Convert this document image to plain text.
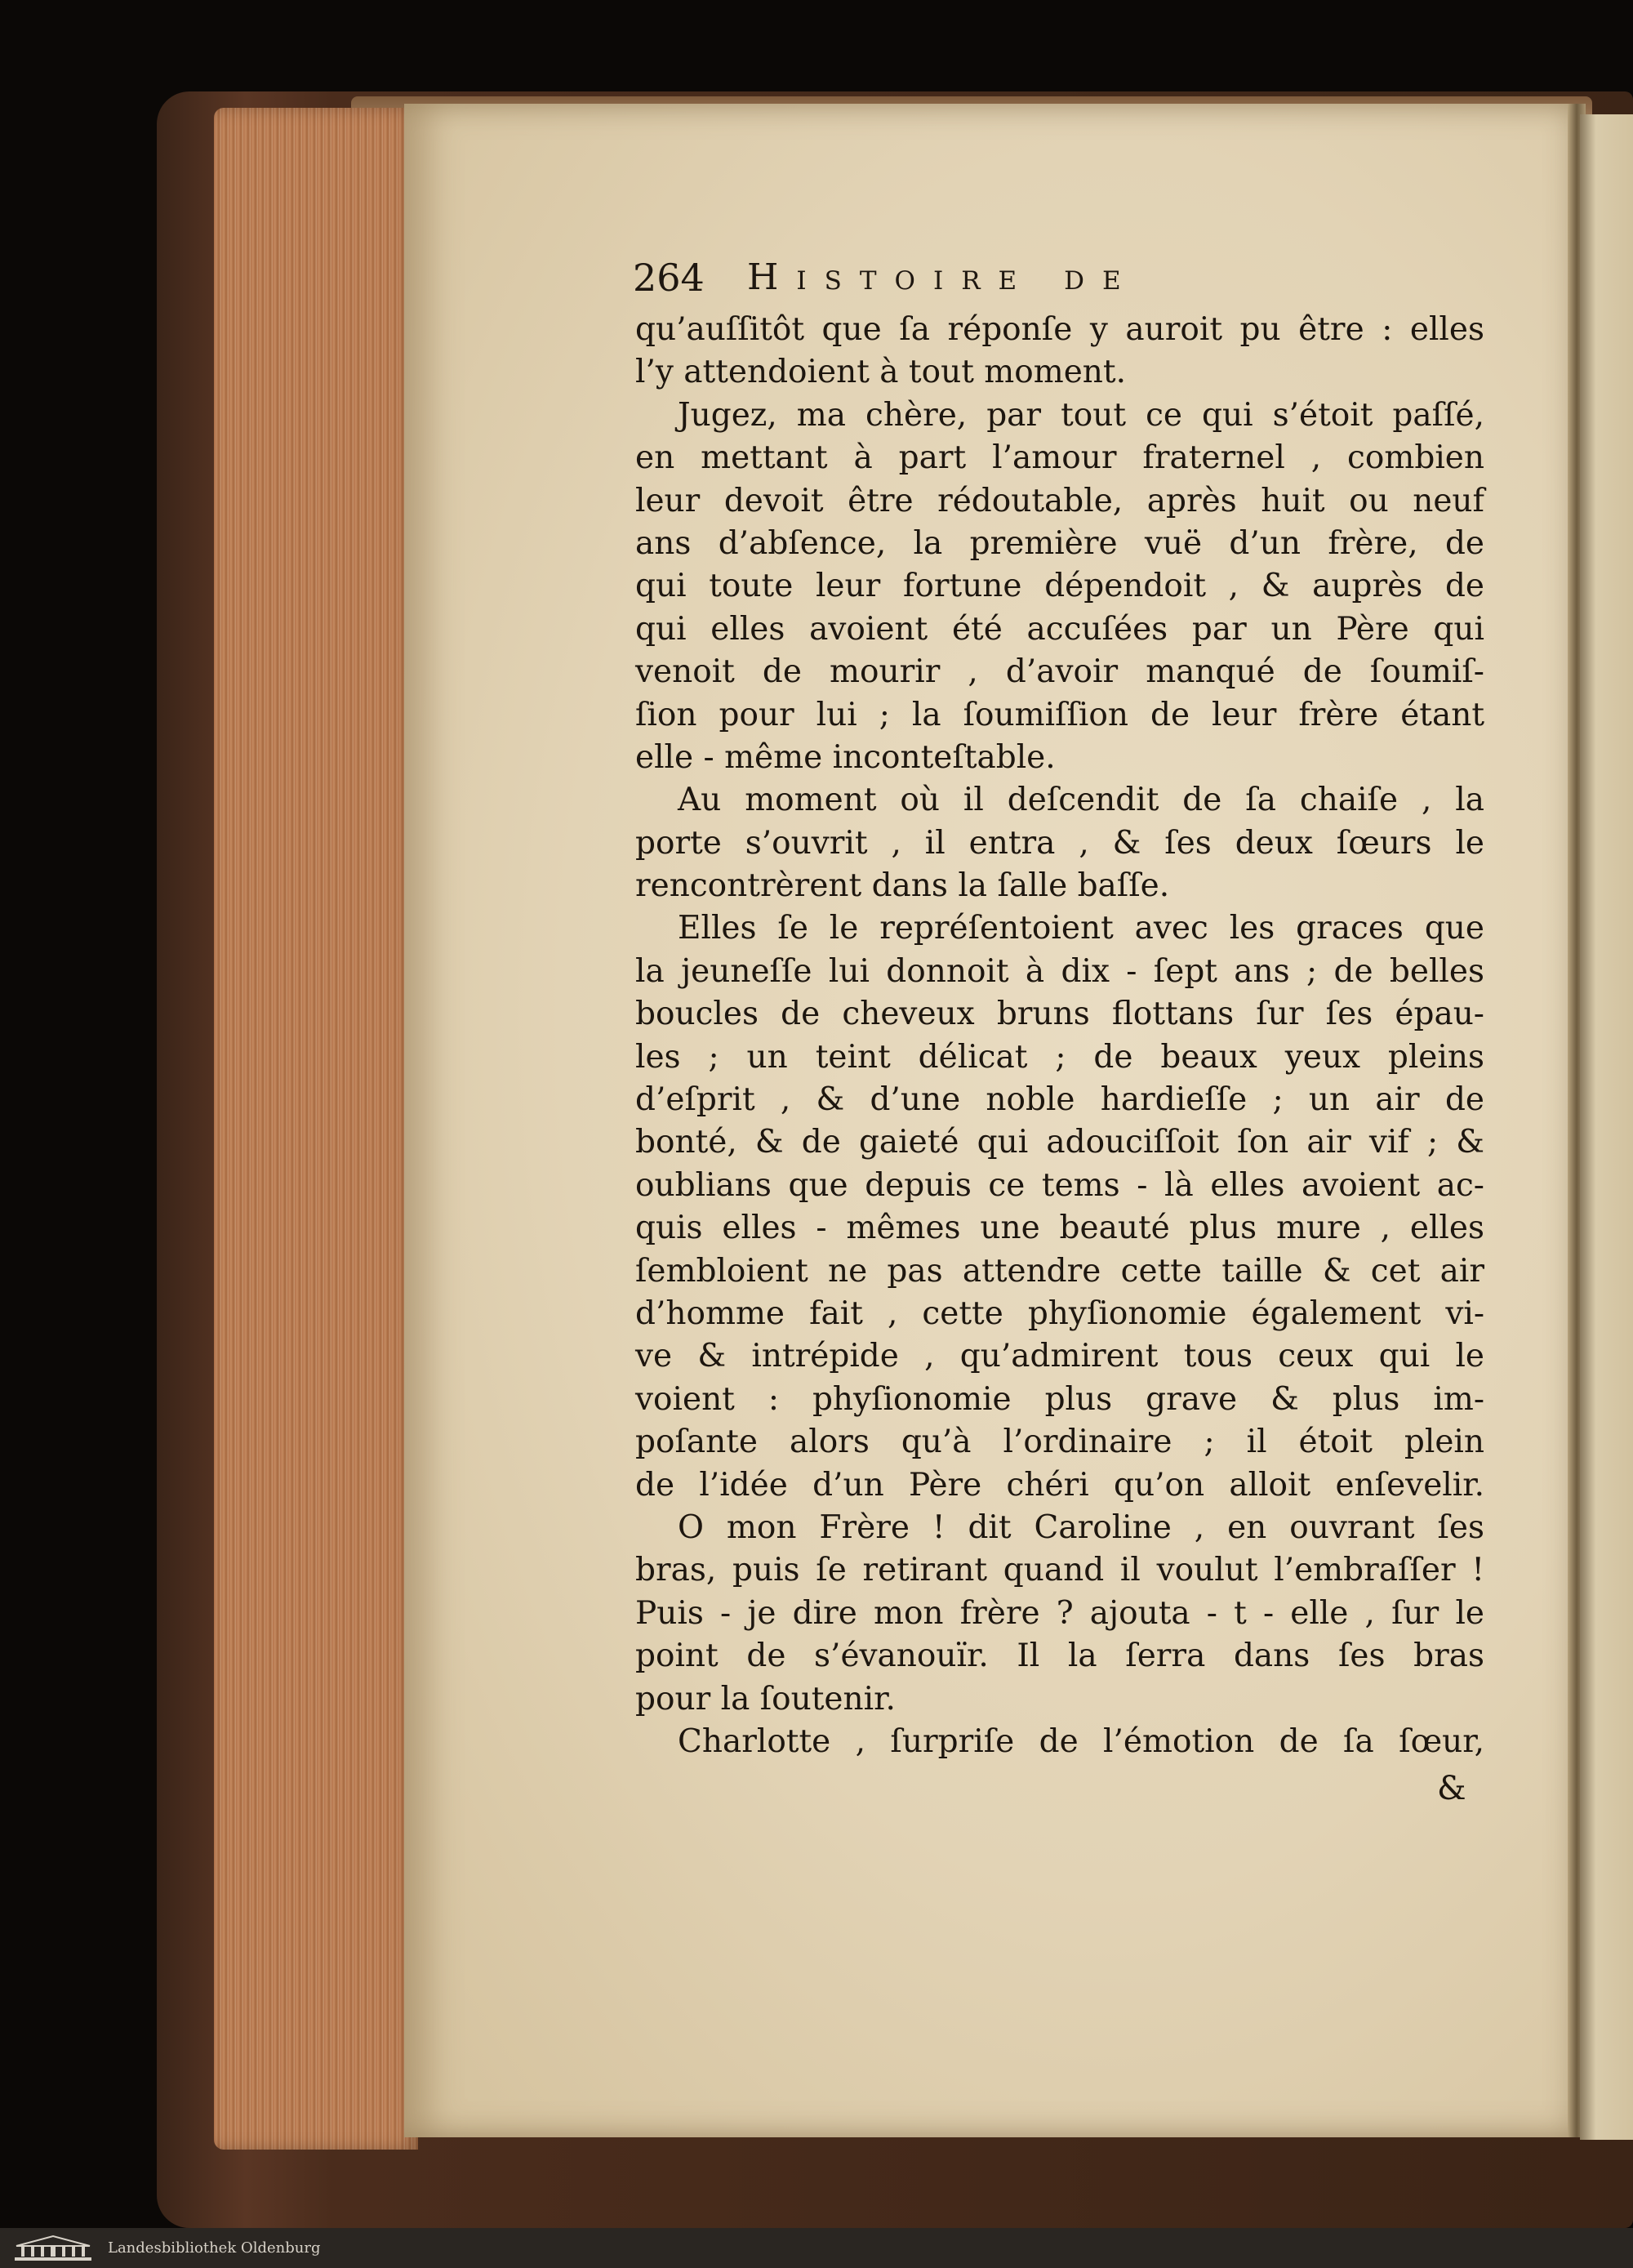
264 Histoire de
qu’auſſitôt que ſa réponſe y auroit pu être : elles
l’y attendoient à tout moment.
Jugez, ma chère, par tout ce qui s’étoit paſſé,
en mettant à part l’amour fraternel , combien
leur devoit être rédoutable, après huit ou neuf
ans d’abſence, la première vuë d’un frère, de
qui toute leur fortune dépendoit , & auprès de
qui elles avoient été accuſées par un Père qui
venoit de mourir , d’avoir manqué de ſoumiſ-
ſion pour lui ; la ſoumiſſion de leur frère étant
elle - même inconteſtable.
Au moment où il deſcendit de ſa chaiſe , la
porte s’ouvrit , il entra , & ſes deux ſœurs le
rencontrèrent dans la ſalle baſſe.
Elles ſe le repréſentoient avec les graces que
la jeuneſſe lui donnoit à dix - ſept ans ; de belles
boucles de cheveux bruns flottans ſur ſes épau-
les ; un teint délicat ; de beaux yeux pleins
d’eſprit , & d’une noble hardieſſe ; un air de
bonté, & de gaieté qui adouciſſoit ſon air vif ; &
oublians que depuis ce tems - là elles avoient ac-
quis elles - mêmes une beauté plus mure , elles
ſembloient ne pas attendre cette taille & cet air
d’homme fait , cette phyſionomie également vi-
ve & intrépide , qu’admirent tous ceux qui le
voient : phyſionomie plus grave & plus im-
poſante alors qu’à l’ordinaire ; il étoit plein
de l’idée d’un Père chéri qu’on alloit enſevelir.
O mon Frère ! dit Caroline , en ouvrant ſes
bras, puis ſe retirant quand il voulut l’embraſſer !
Puis - je dire mon frère ? ajouta - t - elle , ſur le
point de s’évanouïr. Il la ſerra dans ſes bras
pour la ſoutenir.
Charlotte , ſurpriſe de l’émotion de ſa ſœur,
&
Landesbibliothek Oldenburg
